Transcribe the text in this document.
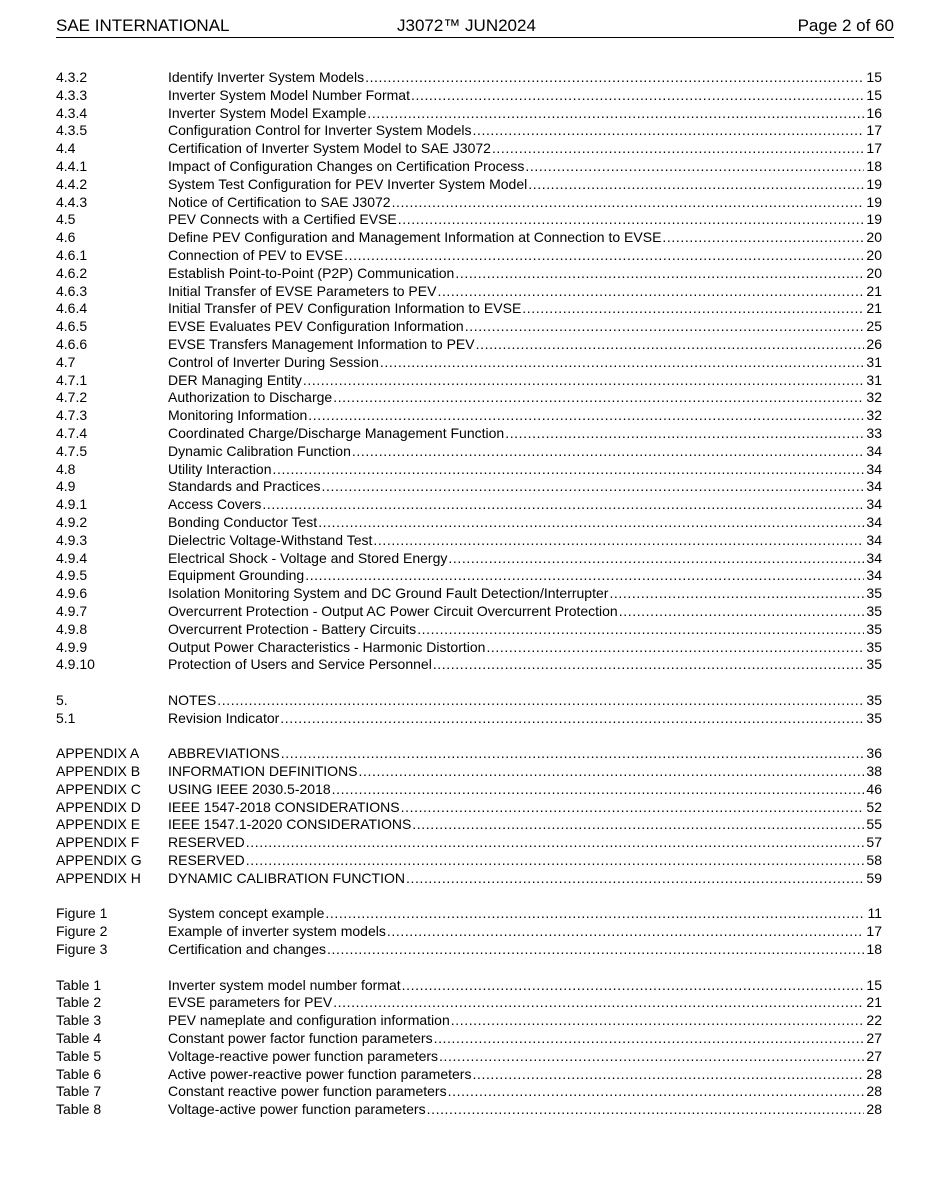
SAE INTERNATIONAL	J3072™ JUN2024	Page 2 of 60
4.3.2	Identify Inverter System Models .....	15
4.3.3	Inverter System Model Number Format .....	15
4.3.4	Inverter System Model Example .....	16
4.3.5	Configuration Control for Inverter System Models .....	17
4.4	Certification of Inverter System Model to SAE J3072 .....	17
4.4.1	Impact of Configuration Changes on Certification Process .....	18
4.4.2	System Test Configuration for PEV Inverter System Model .....	19
4.4.3	Notice of Certification to SAE J3072 .....	19
4.5	PEV Connects with a Certified EVSE .....	19
4.6	Define PEV Configuration and Management Information at Connection to EVSE .....	20
4.6.1	Connection of PEV to EVSE .....	20
4.6.2	Establish Point-to-Point (P2P) Communication .....	20
4.6.3	Initial Transfer of EVSE Parameters to PEV .....	21
4.6.4	Initial Transfer of PEV Configuration Information to EVSE .....	21
4.6.5	EVSE Evaluates PEV Configuration Information .....	25
4.6.6	EVSE Transfers Management Information to PEV .....	26
4.7	Control of Inverter During Session .....	31
4.7.1	DER Managing Entity .....	31
4.7.2	Authorization to Discharge .....	32
4.7.3	Monitoring Information .....	32
4.7.4	Coordinated Charge/Discharge Management Function .....	33
4.7.5	Dynamic Calibration Function .....	34
4.8	Utility Interaction .....	34
4.9	Standards and Practices .....	34
4.9.1	Access Covers .....	34
4.9.2	Bonding Conductor Test .....	34
4.9.3	Dielectric Voltage-Withstand Test .....	34
4.9.4	Electrical Shock - Voltage and Stored Energy .....	34
4.9.5	Equipment Grounding .....	34
4.9.6	Isolation Monitoring System and DC Ground Fault Detection/Interrupter .....	35
4.9.7	Overcurrent Protection - Output AC Power Circuit Overcurrent Protection .....	35
4.9.8	Overcurrent Protection - Battery Circuits .....	35
4.9.9	Output Power Characteristics - Harmonic Distortion .....	35
4.9.10	Protection of Users and Service Personnel .....	35
5.	NOTES .....	35
5.1	Revision Indicator .....	35
APPENDIX A	ABBREVIATIONS .....	36
APPENDIX B	INFORMATION DEFINITIONS .....	38
APPENDIX C	USING IEEE 2030.5-2018 .....	46
APPENDIX D	IEEE 1547-2018 CONSIDERATIONS .....	52
APPENDIX E	IEEE 1547.1-2020 CONSIDERATIONS .....	55
APPENDIX F	RESERVED .....	57
APPENDIX G	RESERVED .....	58
APPENDIX H	DYNAMIC CALIBRATION FUNCTION .....	59
Figure 1	System concept example .....	11
Figure 2	Example of inverter system models .....	17
Figure 3	Certification and changes .....	18
Table 1	Inverter system model number format .....	15
Table 2	EVSE parameters for PEV .....	21
Table 3	PEV nameplate and configuration information .....	22
Table 4	Constant power factor function parameters .....	27
Table 5	Voltage-reactive power function parameters .....	27
Table 6	Active power-reactive power function parameters .....	28
Table 7	Constant reactive power function parameters .....	28
Table 8	Voltage-active power function parameters .....	28
